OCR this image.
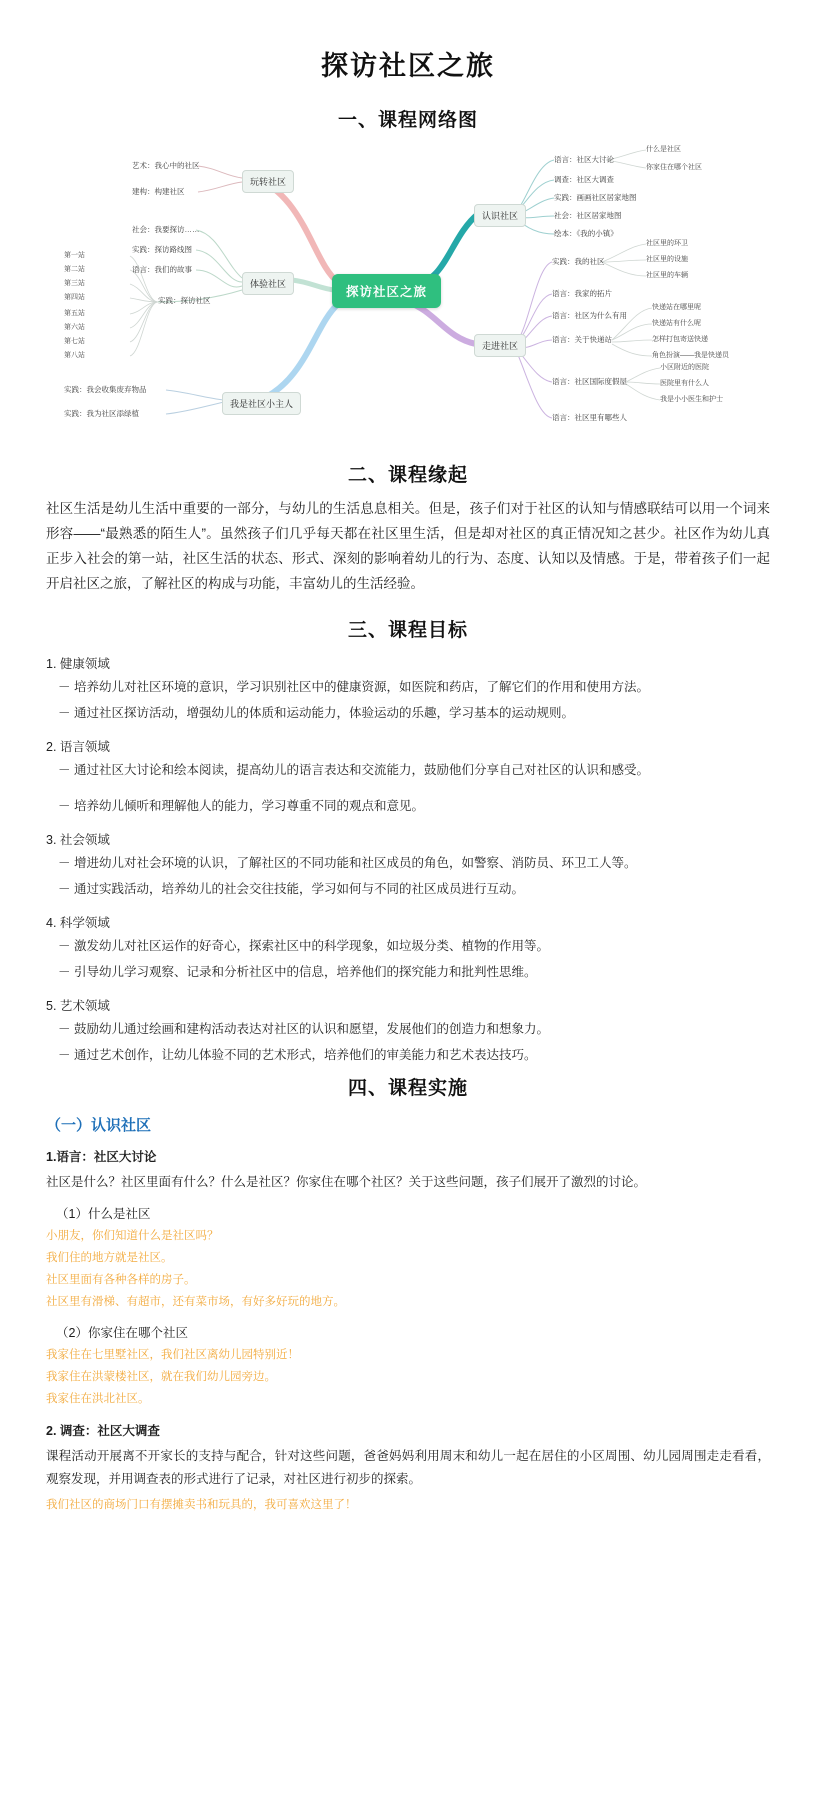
探访社区之旅
一、课程网络图
探访社区之旅
玩转社区
体验社区
我是社区小主人
认识社区
走进社区
艺术：我心中的社区
建构：构建社区
社会：我要探访……
实践：探访路线图
语言：我们的故事
实践：探访社区
第一站
第二站
第三站
第四站
第五站
第六站
第七站
第八站
实践：我会收集废弃物品
实践：我为社区添绿植
语言：社区大讨论
什么是社区
你家住在哪个社区
调查：社区大调查
实践：画画社区居家地图
社会：社区居家地图
绘本：《我的小镇》
实践：我的社区
社区里的环卫
社区里的设施
社区里的车辆
语言：我家的拓片
语言：社区为什么有用
语言：关于快递站
快递站在哪里呢
快递站有什么呢
怎样打包寄送快递
角色扮演——我是快递员
语言：社区国际度假屋
小区附近的医院
医院里有什么人
我是小小医生和护士
语言：社区里有哪些人
二、课程缘起

社区生活是幼儿生活中重要的一部分，与幼儿的生活息息相关。但是，孩子们对于社区的认知与情感联结可以用一个词来形容——“最熟悉的陌生人”。虽然孩子们几乎每天都在社区里生活，但是却对社区的真正情况知之甚少。社区作为幼儿真正步入社会的第一站，社区生活的状态、形式、深刻的影响着幼儿的行为、态度、认知以及情感。于是，带着孩子们一起开启社区之旅，了解社区的构成与功能，丰富幼儿的生活经验。

三、课程目标
1. 健康领域
－ 培养幼儿对社区环境的意识，学习识别社区中的健康资源，如医院和药店，了解它们的作用和使用方法。
－ 通过社区探访活动，增强幼儿的体质和运动能力，体验运动的乐趣，学习基本的运动规则。
2. 语言领域
－ 通过社区大讨论和绘本阅读，提高幼儿的语言表达和交流能力，鼓励他们分享自己对社区的认识和感受。
－ 培养幼儿倾听和理解他人的能力，学习尊重不同的观点和意见。
3. 社会领域
－ 增进幼儿对社会环境的认识，了解社区的不同功能和社区成员的角色，如警察、消防员、环卫工人等。
－ 通过实践活动，培养幼儿的社会交往技能，学习如何与不同的社区成员进行互动。
4. 科学领域
－ 激发幼儿对社区运作的好奇心，探索社区中的科学现象，如垃圾分类、植物的作用等。
－ 引导幼儿学习观察、记录和分析社区中的信息，培养他们的探究能力和批判性思维。
5. 艺术领域
－ 鼓励幼儿通过绘画和建构活动表达对社区的认识和愿望，发展他们的创造力和想象力。
－ 通过艺术创作，让幼儿体验不同的艺术形式，培养他们的审美能力和艺术表达技巧。
四、课程实施
（一）认识社区
1.语言：社区大讨论

社区是什么？社区里面有什么？什么是社区？你家住在哪个社区？关于这些问题，孩子们展开了激烈的讨论。

（1）什么是社区
小朋友，你们知道什么是社区吗？
我们住的地方就是社区。
社区里面有各种各样的房子。
社区里有滑梯、有超市，还有菜市场，有好多好玩的地方。
（2）你家住在哪个社区
我家住在七里墅社区，我们社区离幼儿园特别近！
我家住在洪蒙楼社区，就在我们幼儿园旁边。
我家住在洪北社区。
2. 调查：社区大调查

课程活动开展离不开家长的支持与配合，针对这些问题，爸爸妈妈利用周末和幼儿一起在居住的小区周围、幼儿园周围走走看看，观察发现，并用调查表的形式进行了记录，对社区进行初步的探索。

我们社区的商场门口有摆摊卖书和玩具的，我可喜欢这里了！
